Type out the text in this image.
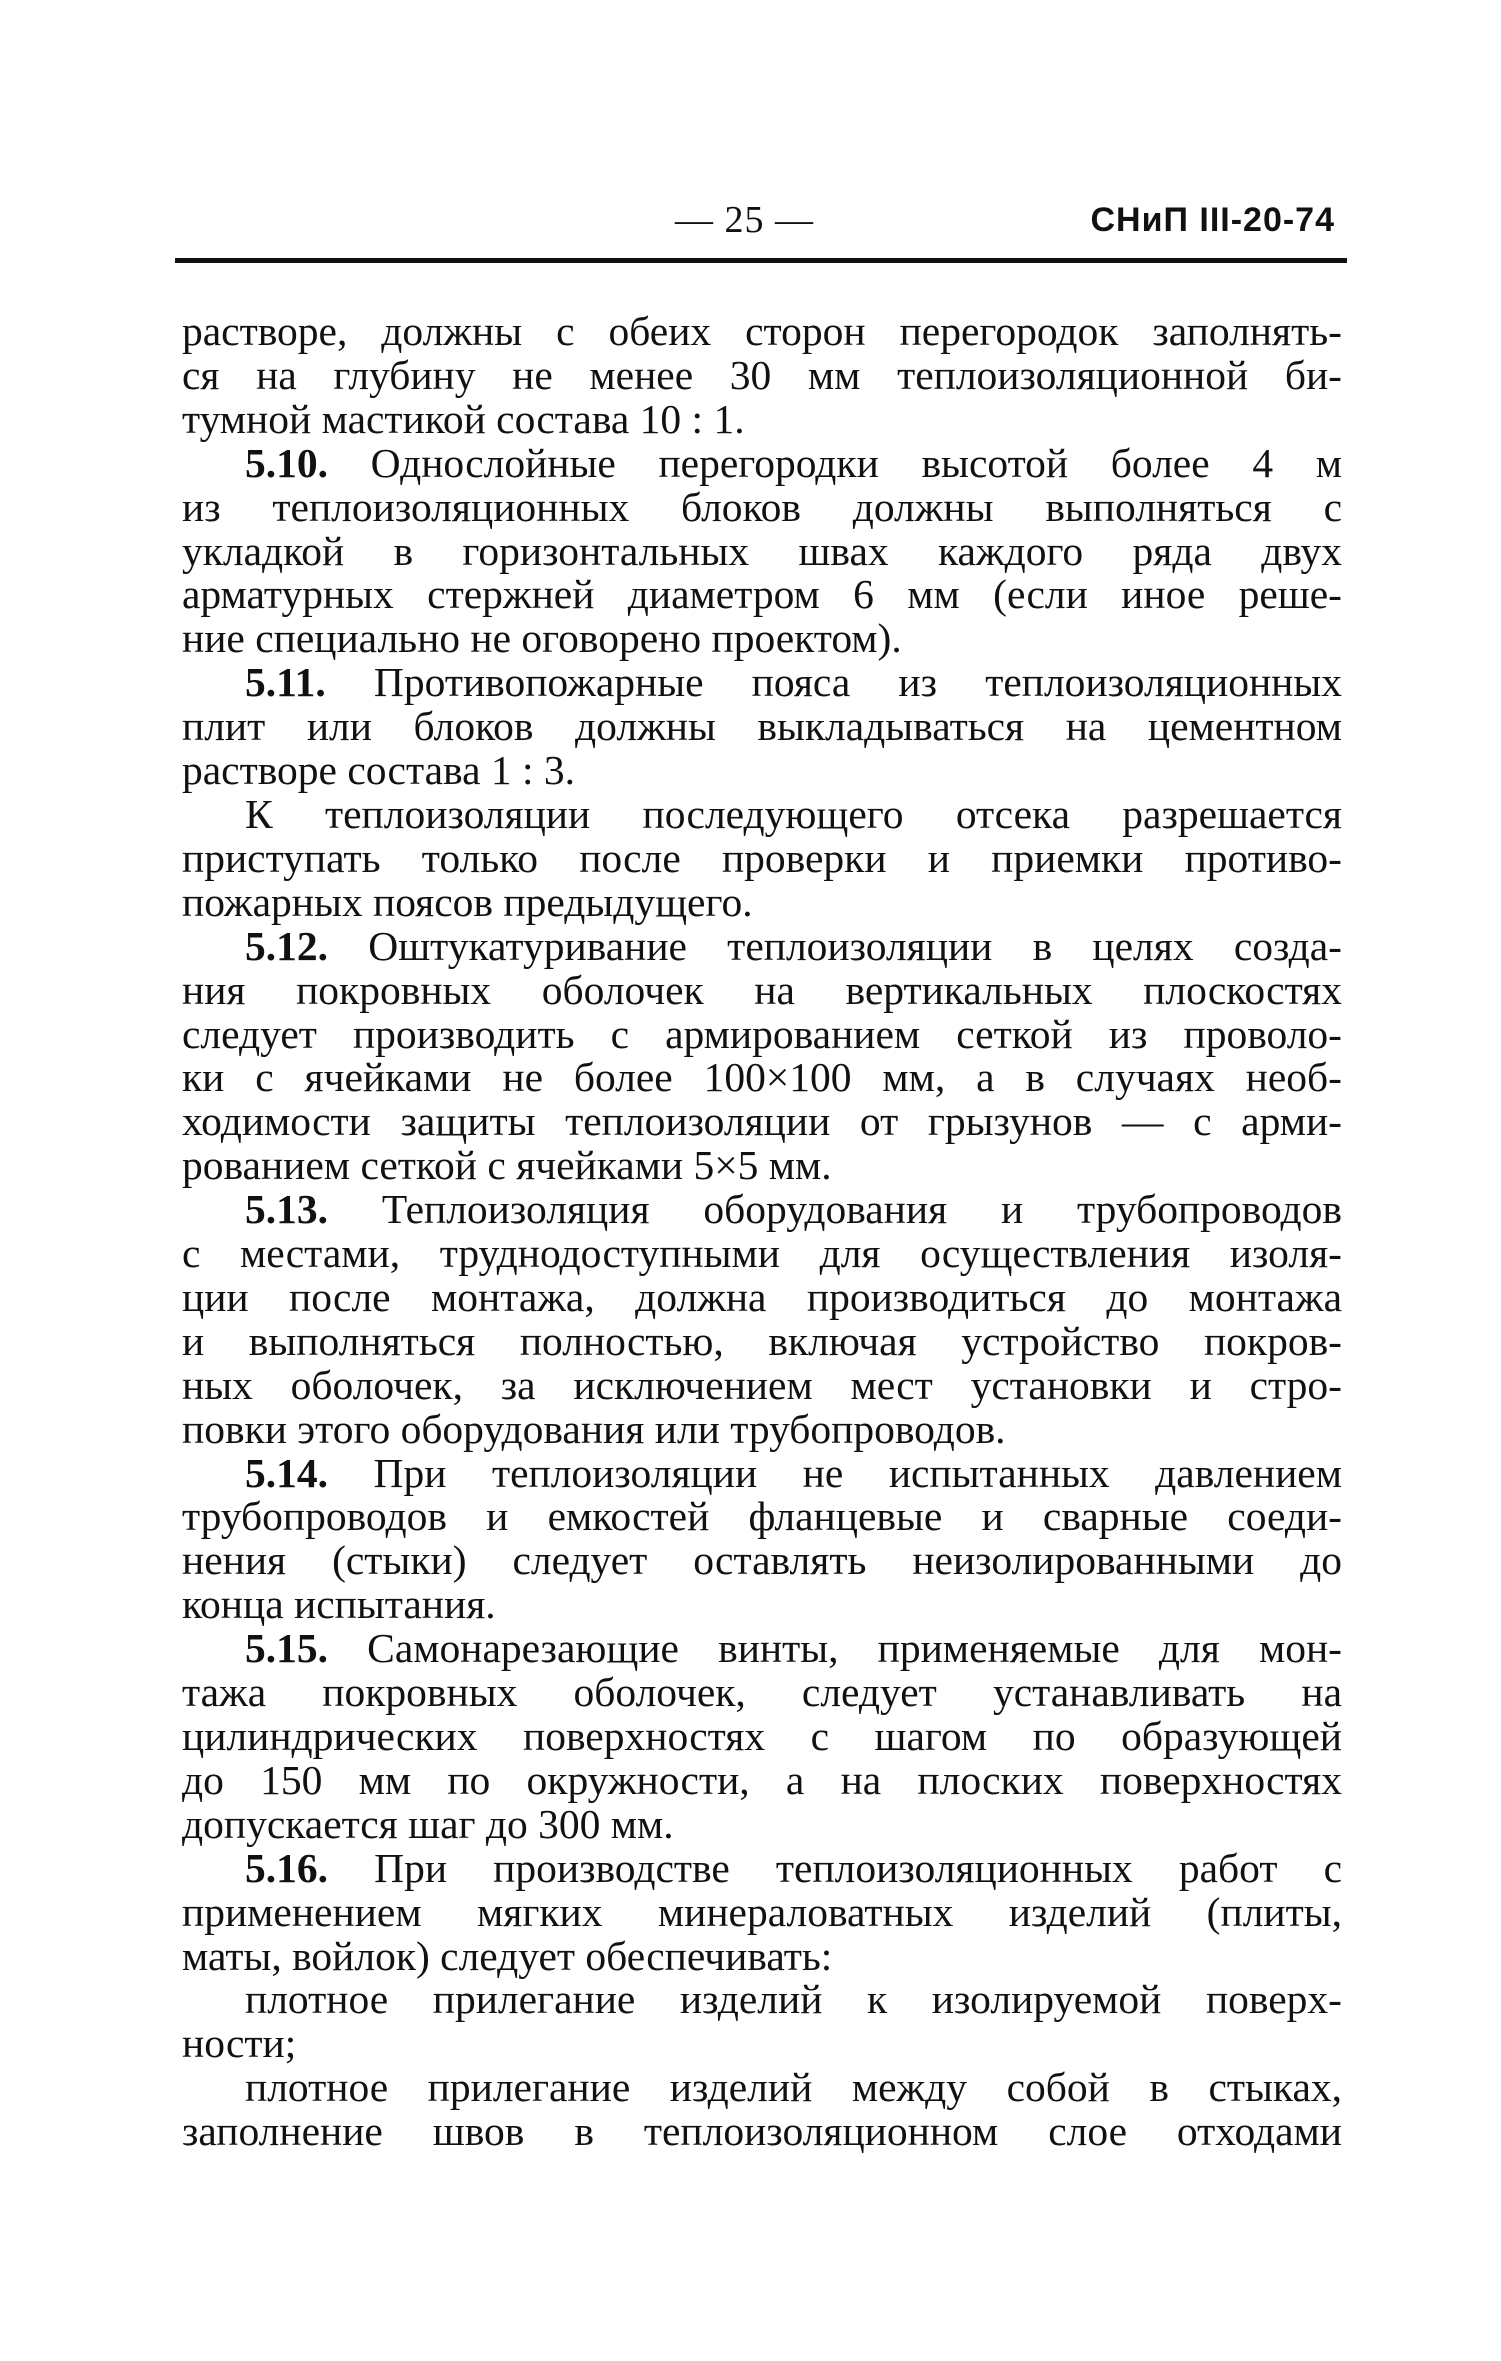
— 25 —	СНиП III-20-74
растворе, должны с обеих сторон перегородок заполнять-
ся на глубину не менее 30 мм теплоизоляционной би-
тумной мастикой состава 10 : 1.
5.10. Однослойные перегородки высотой более 4 м
из теплоизоляционных блоков должны выполняться с
укладкой в горизонтальных швах каждого ряда двух
арматурных стержней диаметром 6 мм (если иное реше-
ние специально не оговорено проектом).
5.11. Противопожарные пояса из теплоизоляционных
плит или блоков должны выкладываться на цементном
растворе состава 1 : 3.
К теплоизоляции последующего отсека разрешается
приступать только после проверки и приемки противо-
пожарных поясов предыдущего.
5.12. Оштукатуривание теплоизоляции в целях созда-
ния покровных оболочек на вертикальных плоскостях
следует производить с армированием сеткой из проволо-
ки с ячейками не более 100×100 мм, а в случаях необ-
ходимости защиты теплоизоляции от грызунов — с арми-
рованием сеткой с ячейками 5×5 мм.
5.13. Теплоизоляция оборудования и трубопроводов
с местами, труднодоступными для осуществления изоля-
ции после монтажа, должна производиться до монтажа
и выполняться полностью, включая устройство покров-
ных оболочек, за исключением мест установки и стро-
повки этого оборудования или трубопроводов.
5.14. При теплоизоляции не испытанных давлением
трубопроводов и емкостей фланцевые и сварные соеди-
нения (стыки) следует оставлять неизолированными до
конца испытания.
5.15. Самонарезающие винты, применяемые для мон-
тажа покровных оболочек, следует устанавливать на
цилиндрических поверхностях с шагом по образующей
до 150 мм по окружности, а на плоских поверхностях
допускается шаг до 300 мм.
5.16. При производстве теплоизоляционных работ с
применением мягких минераловатных изделий (плиты,
маты, войлок) следует обеспечивать:
плотное прилегание изделий к изолируемой поверх-
ности;
плотное прилегание изделий между собой в стыках,
заполнение швов в теплоизоляционном слое отходами
